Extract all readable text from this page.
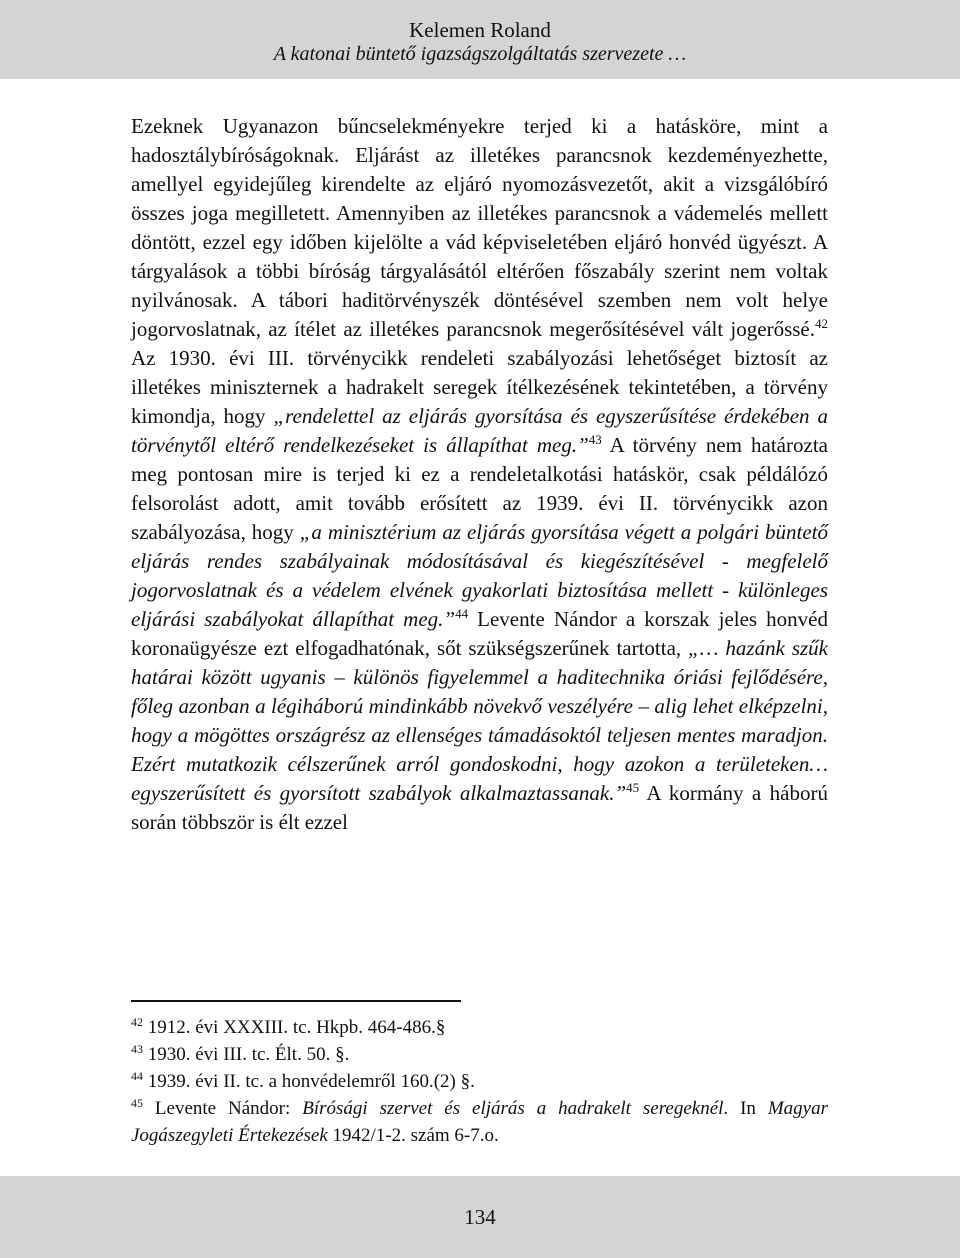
Kelemen Roland
A katonai büntető igazságszolgáltatás szervezete …

Ezeknek Ugyanazon bűncselekményekre terjed ki a hatásköre, mint a hadosztálybíróságoknak. Eljárást az illetékes parancsnok kezdeményezhette, amellyel egyidejűleg kirendelte az eljáró nyomozásvezetőt, akit a vizsgálóbíró összes joga megilletett. Amennyiben az illetékes parancsnok a vádemelés mellett döntött, ezzel egy időben kijelölte a vád képviseletében eljáró honvéd ügyészt. A tárgyalások a többi bíróság tárgyalásától eltérően főszabály szerint nem voltak nyilvánosak. A tábori haditörvényszék döntésével szemben nem volt helye jogorvoslatnak, az ítélet az illetékes parancsnok megerősítésével vált jogerőssé.$^{42}$ Az 1930. évi III. törvénycikk rendeleti szabályozási lehetőséget biztosít az illetékes miniszternek a hadrakelt seregek ítélkezésének tekintetében, a törvény kimondja, hogy „rendelettel az eljárás gyorsítása és egyszerűsítése érdekében a törvénytől eltérő rendelkezéseket is állapíthat meg.”$^{43}$ A törvény nem határozta meg pontosan mire is terjed ki ez a rendeletalkotási hatáskör, csak példálózó felsorolást adott, amit tovább erősített az 1939. évi II. törvénycikk azon szabályozása, hogy „a minisztérium az eljárás gyorsítása végett a polgári büntető eljárás rendes szabályainak módosításával és kiegészítésével - megfelelő jogorvoslatnak és a védelem elvének gyakorlati biztosítása mellett - különleges eljárási szabályokat állapíthat meg.”$^{44}$ Levente Nándor a korszak jeles honvéd koronaügyésze ezt elfogadhatónak, sőt szükségszerűnek tartotta, „… hazánk szűk határai között ugyanis – különös figyelemmel a haditechnika óriási fejlődésére, főleg azonban a légiháború mindinkább növekvő veszélyére – alig lehet elképzelni, hogy a mögöttes országrész az ellenséges támadásoktól teljesen mentes maradjon. Ezért mutatkozik célszerűnek arról gondoskodni, hogy azokon a területeken… egyszerűsített és gyorsított szabályok alkalmaztassanak.”$^{45}$ A kormány a háború során többször is élt ezzel

$^{42}$ 1912. évi XXXIII. tc. Hkpb. 464-486.§

$^{43}$ 1930. évi III. tc. Élt. 50. §.

$^{44}$ 1939. évi II. tc. a honvédelemről 160.(2) §.

$^{45}$ Levente Nándor: Bírósági szervet és eljárás a hadrakelt seregeknél. In Magyar Jogászegyleti Értekezések 1942/1-2. szám 6-7.o.

134
